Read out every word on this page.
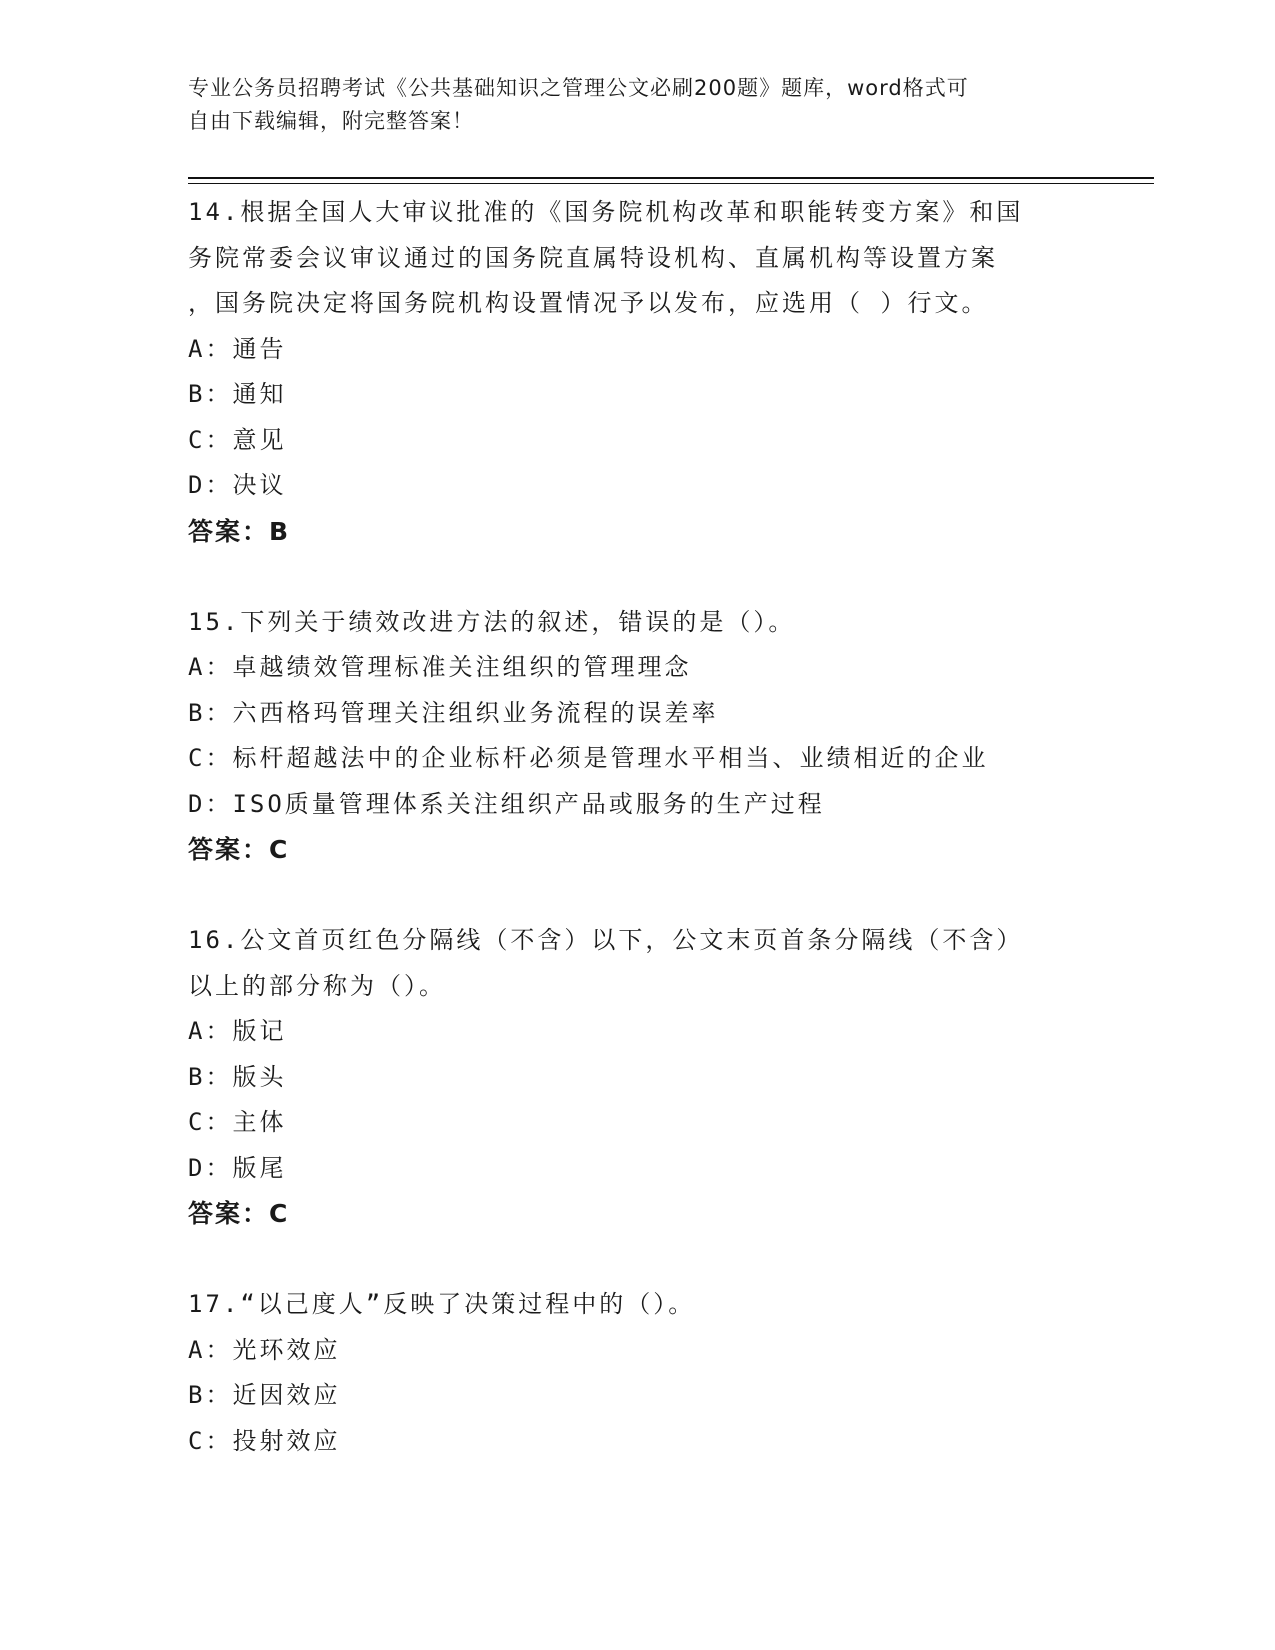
专业公务员招聘考试《公共基础知识之管理公文必刷200题》题库，word格式可
自由下载编辑，附完整答案！
14.根据全国人大审议批准的《国务院机构改革和职能转变方案》和国
务院常委会议审议通过的国务院直属特设机构、直属机构等设置方案
，国务院决定将国务院机构设置情况予以发布，应选用（ ）行文。
A：通告
B：通知
C：意见
D：决议
答案：B
15.下列关于绩效改进方法的叙述，错误的是（）。
A：卓越绩效管理标准关注组织的管理理念
B：六西格玛管理关注组织业务流程的误差率
C：标杆超越法中的企业标杆必须是管理水平相当、业绩相近的企业
D：ISO质量管理体系关注组织产品或服务的生产过程
答案：C
16.公文首页红色分隔线（不含）以下，公文末页首条分隔线（不含）
以上的部分称为（）。
A：版记
B：版头
C：主体
D：版尾
答案：C
17.“以己度人”反映了决策过程中的（）。
A：光环效应
B：近因效应
C：投射效应
